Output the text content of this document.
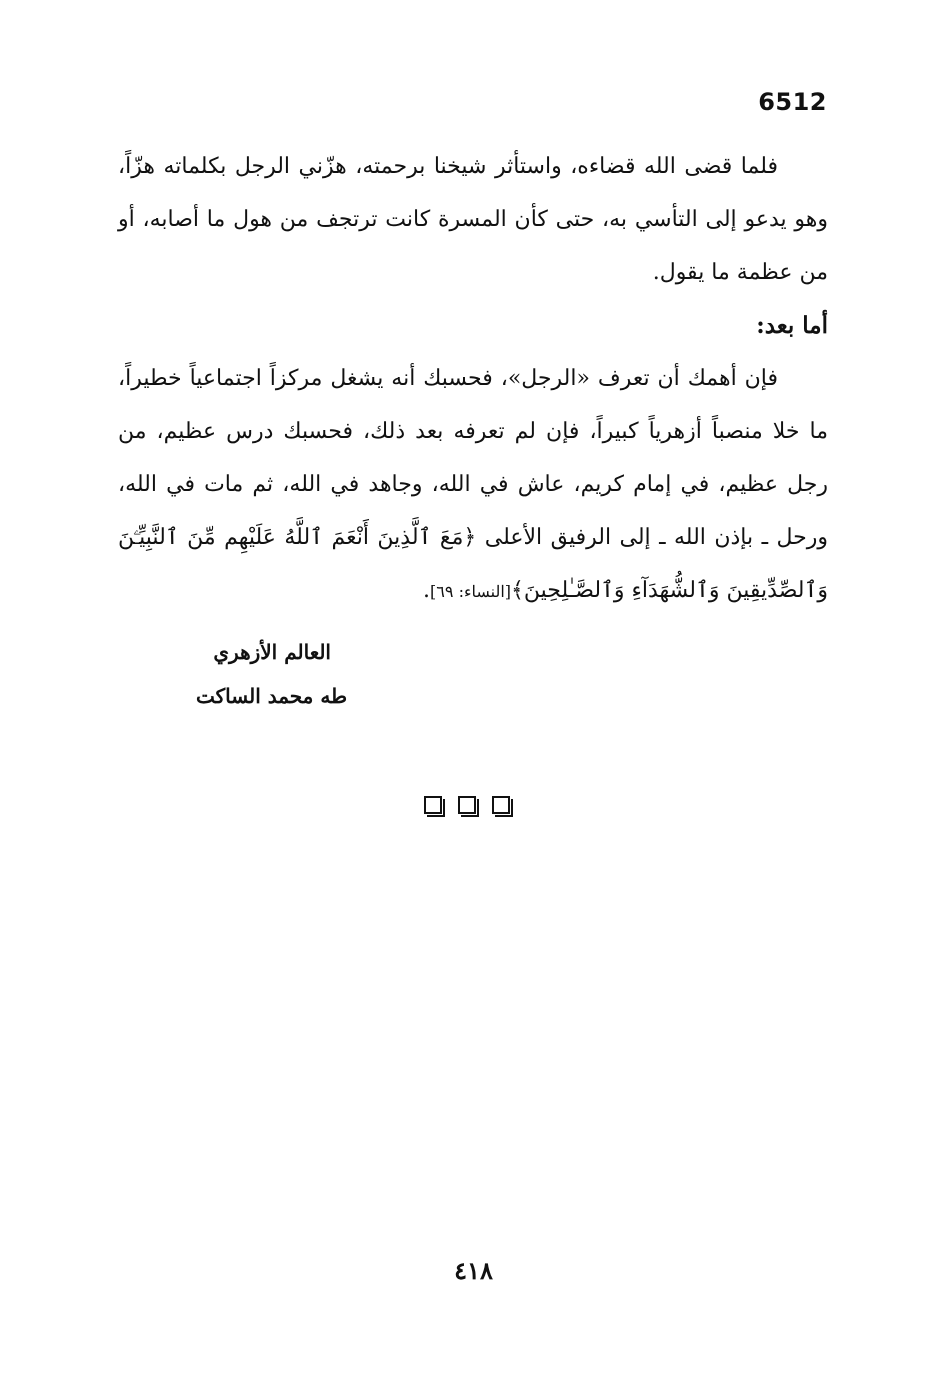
6512

فلما قضى الله قضاءه، واستأثر شيخنا برحمته، هزّني الرجل بكلماته هزّاً، وهو يدعو إلى التأسي به، حتى كأن المسرة كانت ترتجف من هول ما أصابه، أو من عظمة ما يقول.

أما بعد:

فإن أهمك أن تعرف «الرجل»، فحسبك أنه يشغل مركزاً اجتماعياً خطيراً، ما خلا منصباً أزهرياً كبيراً، فإن لم تعرفه بعد ذلك، فحسبك درس عظيم، من رجل عظيم، في إمام كريم، عاش في الله، وجاهد في الله، ثم مات في الله، ورحل ـ بإذن الله ـ إلى الرفيق الأعلى ﴿مَعَ ٱلَّذِينَ أَنْعَمَ ٱللَّهُ عَلَيْهِم مِّنَ ٱلنَّبِيِّـۧنَ وَٱلصِّدِّيقِينَ وَٱلشُّهَدَآءِ وَٱلصَّـٰلِحِينَ﴾[النساء: ٦٩].

العالم الأزهري

طه محمد الساكت

٤١٨
